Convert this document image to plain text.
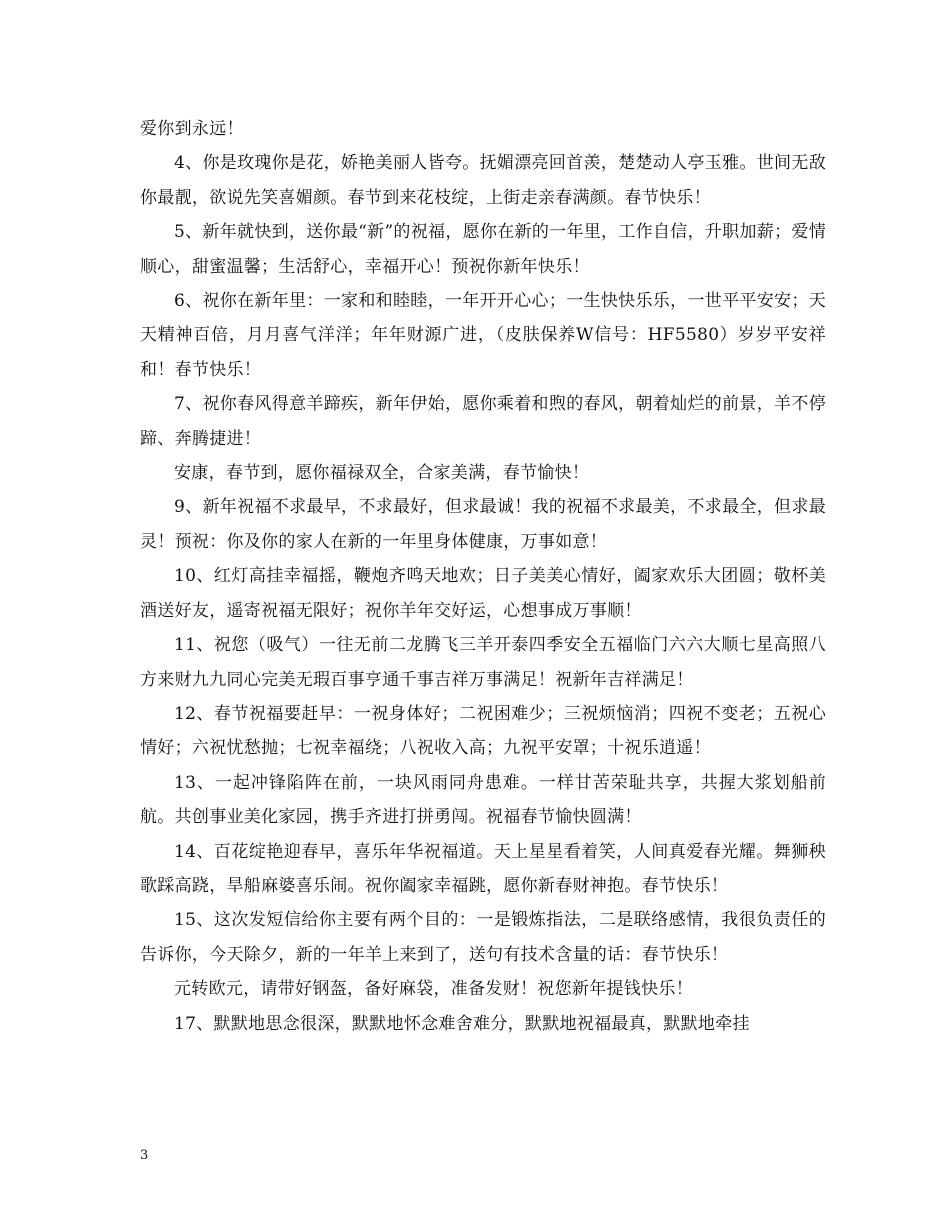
爱你到永远！

4、你是玫瑰你是花，娇艳美丽人皆夸。抚媚漂亮回首羡，楚楚动人亭玉雅。世间无敌你最靓，欲说先笑喜媚颜。春节到来花枝绽，上街走亲春满颜。春节快乐！

5、新年就快到，送你最“新”的祝福，愿你在新的一年里，工作自信，升职加薪；爱情顺心，甜蜜温馨；生活舒心，幸福开心！预祝你新年快乐！

6、祝你在新年里：一家和和睦睦，一年开开心心；一生快快乐乐，一世平平安安；天天精神百倍，月月喜气洋洋；年年财源广进，（皮肤保养W信号：HF5580）岁岁平安祥和！春节快乐！

7、祝你春风得意羊蹄疾，新年伊始，愿你乘着和煦的春风，朝着灿烂的前景，羊不停蹄、奔腾捷进！

安康，春节到，愿你福禄双全，合家美满，春节愉快！

9、新年祝福不求最早，不求最好，但求最诚！我的祝福不求最美，不求最全，但求最灵！预祝：你及你的家人在新的一年里身体健康，万事如意！

10、红灯高挂幸福摇，鞭炮齐鸣天地欢；日子美美心情好，阖家欢乐大团圆；敬杯美酒送好友，遥寄祝福无限好；祝你羊年交好运，心想事成万事顺！

11、祝您（吸气）一往无前二龙腾飞三羊开泰四季安全五福临门六六大顺七星高照八方来财九九同心完美无瑕百事亨通千事吉祥万事满足！祝新年吉祥满足！

12、春节祝福要赶早：一祝身体好；二祝困难少；三祝烦恼消；四祝不变老；五祝心情好；六祝忧愁抛；七祝幸福绕；八祝收入高；九祝平安罩；十祝乐逍遥！

13、一起冲锋陷阵在前，一块风雨同舟患难。一样甘苦荣耻共享，共握大浆划船前航。共创事业美化家园，携手齐进打拼勇闯。祝福春节愉快圆满！

14、百花绽艳迎春早，喜乐年华祝福道。天上星星看着笑，人间真爱春光耀。舞狮秧歌踩高跷，旱船麻婆喜乐闹。祝你阖家幸福跳，愿你新春财神抱。春节快乐！

15、这次发短信给你主要有两个目的：一是锻炼指法，二是联络感情，我很负责任的告诉你，今天除夕，新的一年羊上来到了，送句有技术含量的话：春节快乐！

元转欧元，请带好钢盔，备好麻袋，准备发财！祝您新年提钱快乐！

17、默默地思念很深，默默地怀念难舍难分，默默地祝福最真，默默地牵挂

3
